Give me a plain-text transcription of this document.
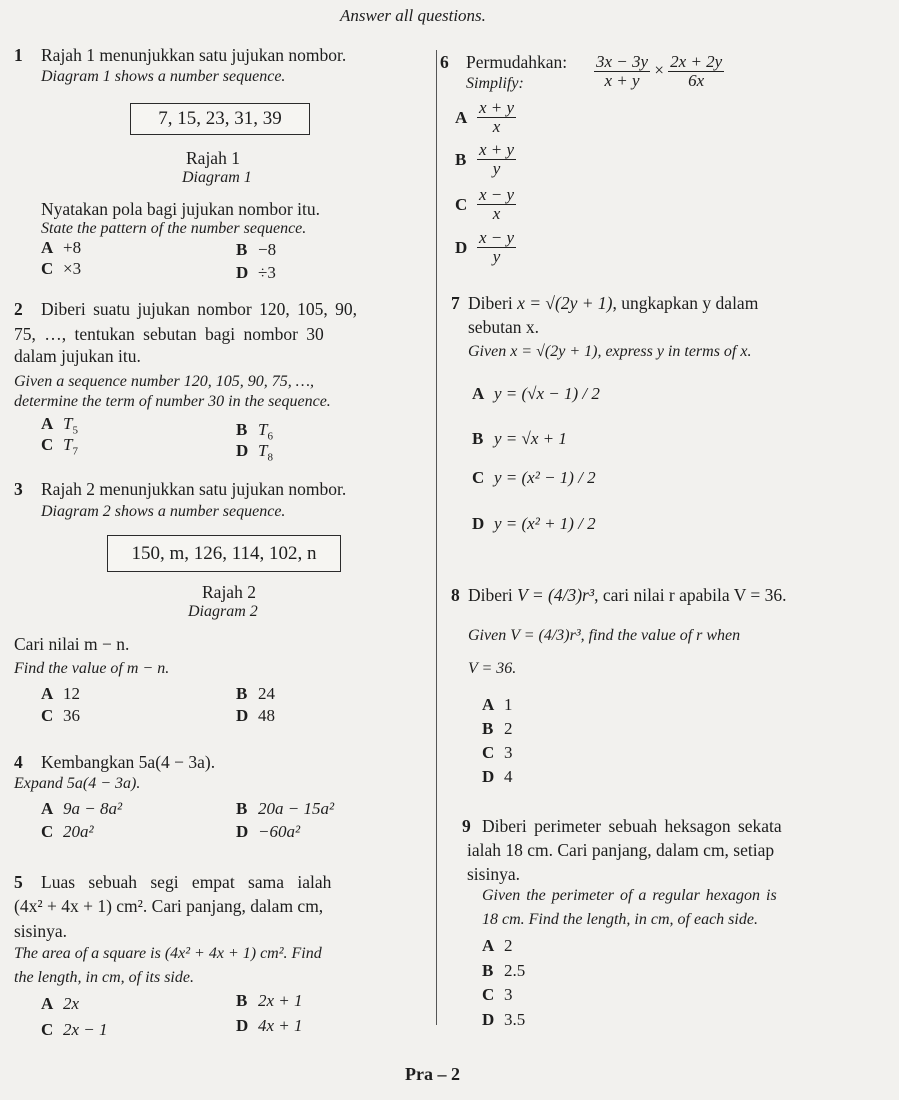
Answer all questions.
1 Rajah 1 menunjukkan satu jujukan nombor.
Diagram 1 shows a number sequence.
7, 15, 23, 31, 39
Rajah 1
Diagram 1
Nyatakan pola bagi jujukan nombor itu.
State the pattern of the number sequence.
A +8	B −8
C ×3	D ÷3
2 Diberi suatu jujukan nombor 120, 105, 90,
75, …, tentukan sebutan bagi nombor 30
dalam jujukan itu.
Given a sequence number 120, 105, 90, 75, …,
determine the term of number 30 in the sequence.
A $T_5$	B $T_6$
C $T_7$	D $T_8$
3 Rajah 2 menunjukkan satu jujukan nombor.
Diagram 2 shows a number sequence.
150, m, 126, 114, 102, n
Rajah 2
Diagram 2
Cari nilai m − n.
Find the value of m − n.
A 12	B 24
C 36	D 48
4 Kembangkan 5a(4 − 3a).
Expand 5a(4 − 3a).
A 9a − 8a²	B 20a − 15a²
C 20a²	D −60a²
5 Luas sebuah segi empat sama ialah
(4x² + 4x + 1) cm². Cari panjang, dalam cm,
sisinya.
The area of a square is (4x² + 4x + 1) cm². Find
the length, in cm, of its side.
A 2x	B 2x + 1
C 2x − 1	D 4x + 1
6 Permudahkan:
Simplify:	$\frac{3x - 3y}{x + y} \times \frac{2x + 2y}{6x}$
A $\frac{x + y}{x}$
B $\frac{x + y}{y}$
C $\frac{x - y}{x}$
D $\frac{x - y}{y}$
7 Diberi x = √(2y + 1), ungkapkan y dalam
sebutan x.
Given x = √(2y + 1), express y in terms of x.
A y = (√x − 1) / 2
B y = √x + 1
C y = (x² − 1) / 2
D y = (x² + 1) / 2
8 Diberi V = (4/3)r³, cari nilai r apabila V = 36.
Given V = (4/3)r³, find the value of r when
V = 36.
A 1
B 2
C 3
D 4
9 Diberi perimeter sebuah heksagon sekata
ialah 18 cm. Cari panjang, dalam cm, setiap
sisinya.
Given the perimeter of a regular hexagon is
18 cm. Find the length, in cm, of each side.
A 2
B 2.5
C 3
D 3.5
Pra – 2
